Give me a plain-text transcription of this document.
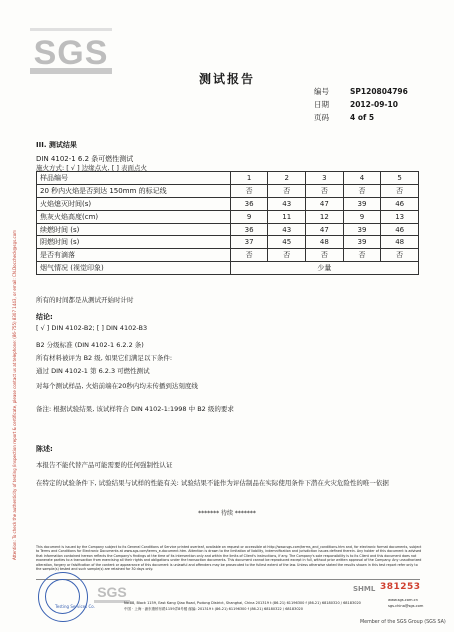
SGS
测试报告
编号	SP120804796
日期	2012-09-10
页码	4 of 5
Attention: To check the authenticity of testing /inspection report & certificate, please contact us at telephone: (86-755) 8307 1443, or email: CN.Doccheck@sgs.com
III. 测试结果
DIN 4102-1 6.2 条可燃性测试
施火方式: [ √ ] 边缘点火, [ ] 表面点火
样品编号	1	2	3	4	5
20 秒内火焰是否到达 150mm 的标记线	否	否	否	否	否
火焰熄灭时间(s)	36	43	47	39	46
焦灰火焰高度(cm)	9	11	12	9	13
续燃时间 (s)	36	43	47	39	46
阴燃时间 (s)	37	45	48	39	48
是否有滴落	否	否	否	否	否
烟气情况 (视觉印象)	少量				
所有的时间都是从测试开始时计时
结论:
[ √ ] DIN 4102-B2; [ ] DIN 4102-B3
B2 分级标准 (DIN 4102-1 6.2.2 条)
所有材料被评为 B2 级, 如果它们满足以下条件:
通过 DIN 4102-1 第 6.2.3 可燃性测试
对每个测试样品, 火焰前端在20秒内均未传播到达刻度线
备注: 根据试验结果, 该试样符合 DIN 4102-1:1998 中 B2 级的要求
陈述:
本报告不能代替产品可能需要的任何强制性认证
在特定的试验条件下, 试验结果与试样的性能有关: 试验结果不能作为评估制品在实际使用条件下潜在火灾危险性的唯一依据
******* 待续 *******
This document is issued by the Company subject to its General Conditions of Service printed overleaf, available on request or accessible at http://www.sgs.com/terms_and_conditions.htm and, for electronic format documents, subject to Terms and Conditions for Electronic Documents at www.sgs.com/terms_e-document.htm. Attention is drawn to the limitation of liability, indemnification and jurisdiction issues defined therein. Any holder of this document is advised that information contained hereon reflects the Company's findings at the time of its intervention only and within the limits of Client's instructions, if any. The Company's sole responsibility is to its Client and this document does not exonerate parties to a transaction from exercising all their rights and obligations under the transaction documents. This document cannot be reproduced except in full, without prior written approval of the Company. Any unauthorized alteration, forgery or falsification of the content or appearance of this document is unlawful and offenders may be prosecuted to the fullest extent of the law. Unless otherwise stated the results shown in this test report refer only to the sample(s) tested and such sample(s) are retained for 30 days only.
Testing Services Co.
SGS
No.88, Block 1159, East Kang Qiao Road, Pudong District, Shanghai, China 201319 t (86-21) 61196300 f (86-21) 68180320 / 68183020
中国 · 上海 · 浦东康桥东路1159弄8号楼 邮编: 201319 t (86-21) 61196300 f (86-21) 68180322 / 68183020
www.sgs.com.cn
sgs.china@sgs.com
SHML 381253
Member of the SGS Group (SGS SA)
